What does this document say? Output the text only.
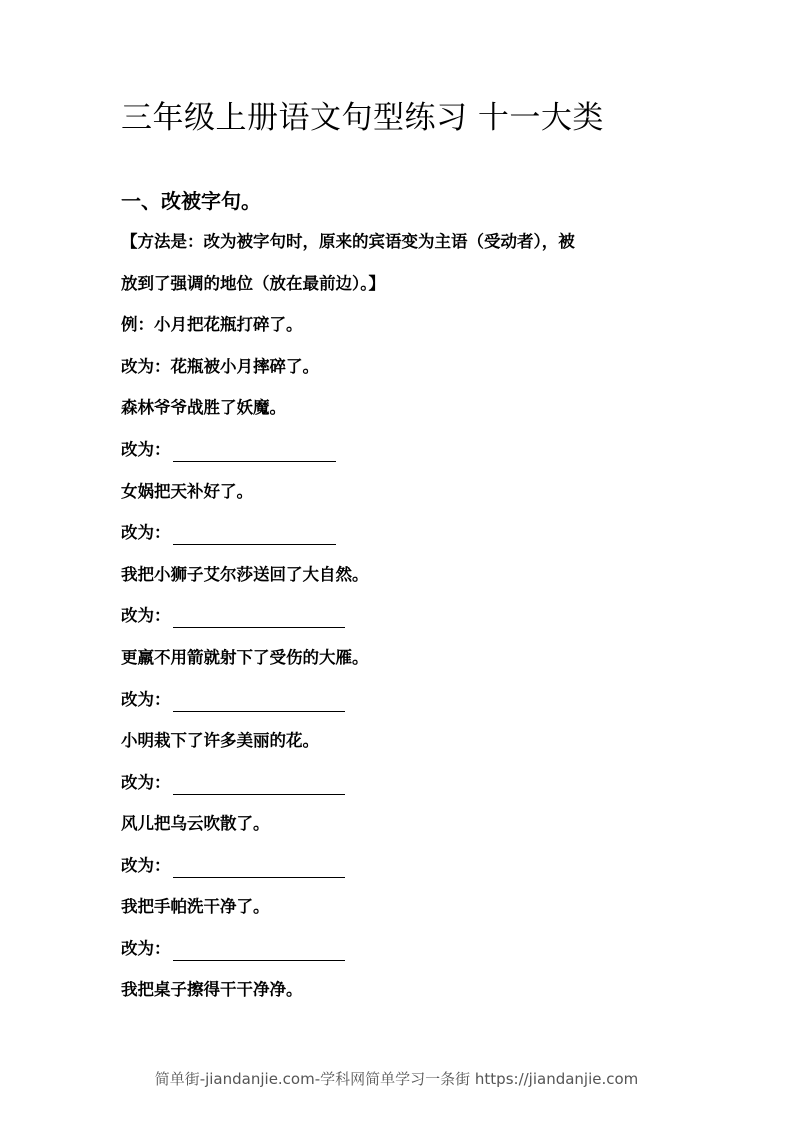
三年级上册语文句型练习 十一大类
一、改被字句。
【方法是：改为被字句时，原来的宾语变为主语（受动者），被
放到了强调的地位（放在最前边）。】
例：小月把花瓶打碎了。
改为：花瓶被小月摔碎了。
森林爷爷战胜了妖魔。
改为：
女娲把天补好了。
改为：
我把小狮子艾尔莎送回了大自然。
改为：
更羸不用箭就射下了受伤的大雁。
改为：
小明栽下了许多美丽的花。
改为：
风儿把乌云吹散了。
改为：
我把手帕洗干净了。
改为：
我把桌子擦得干干净净。
简单街-jiandanjie.com-学科网简单学习一条街 https://jiandanjie.com
